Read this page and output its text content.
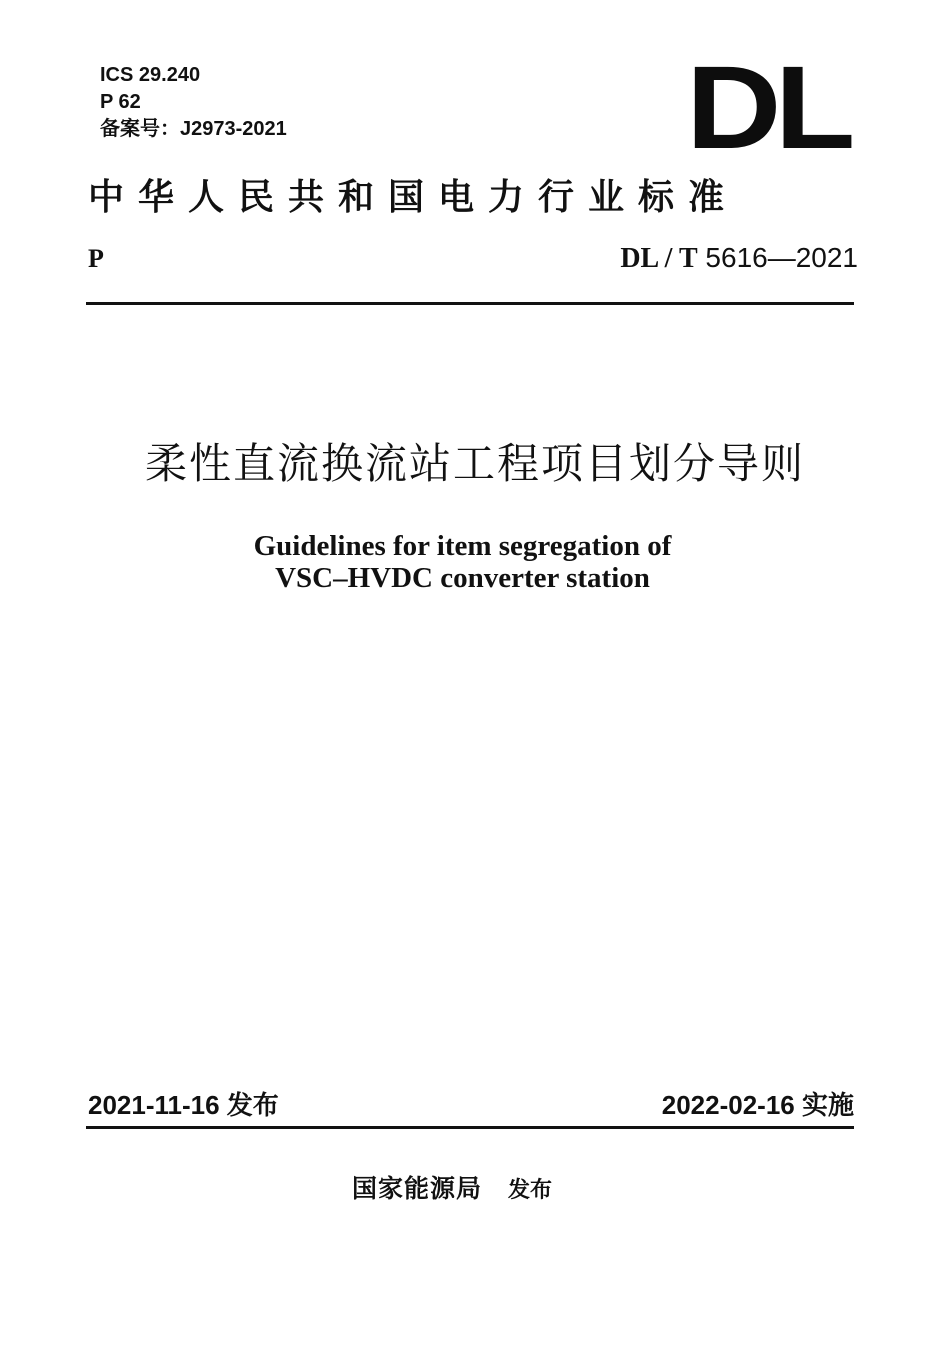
ICS 29.240
P 62
备案号：J2973-2021	DL
中华人民共和国电力行业标准
P	DL / T 5616—2021
柔性直流换流站工程项目划分导则
Guidelines for item segregation of
VSC–HVDC converter station
2021-11-16 发布	2022-02-16 实施
国家能源局 发布
